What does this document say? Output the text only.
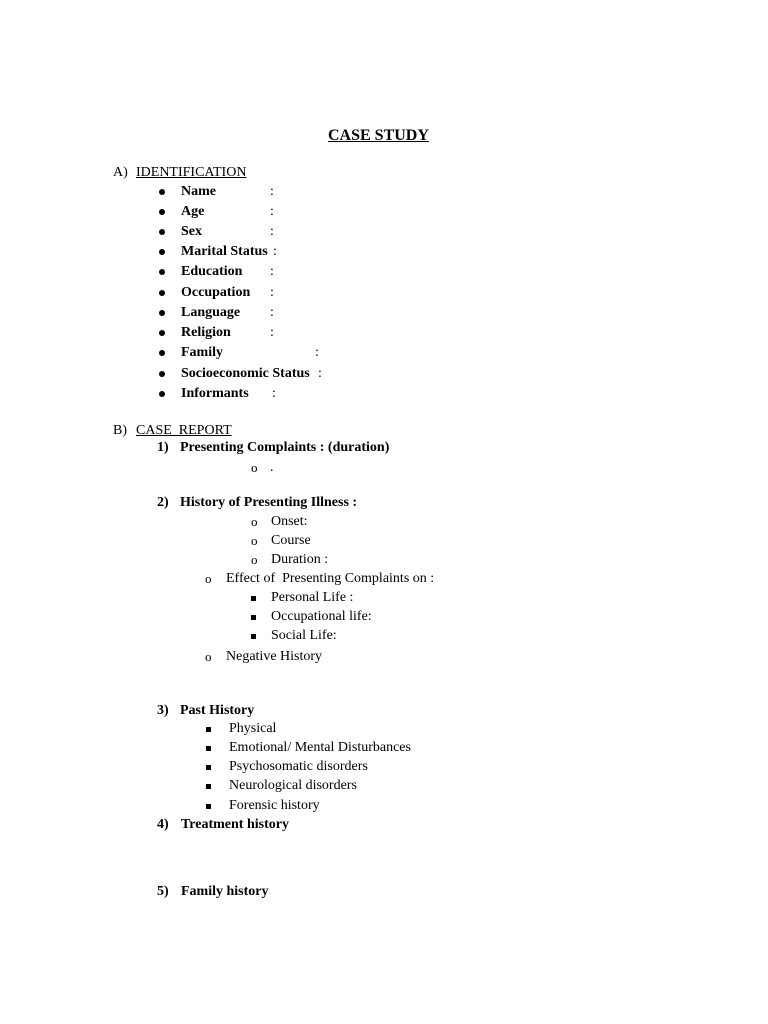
CASE STUDY
A) IDENTIFICATION
Name	:
Age	:
Sex	:
Marital Status :
Education :
Occupation :
Language :
Religion	:
Family	:
Socioeconomic Status :
Informants :
B) CASE  REPORT
1) Presenting Complaints : (duration)
o .
2) History of Presenting Illness :
o Onset:
o Course
o Duration :
o Effect of  Presenting Complaints on :
Personal Life :
Occupational life:
Social Life:
o Negative History
3) Past History
Physical
Emotional/ Mental Disturbances
Psychosomatic disorders
Neurological disorders
Forensic history
4) Treatment history
5) Family history
